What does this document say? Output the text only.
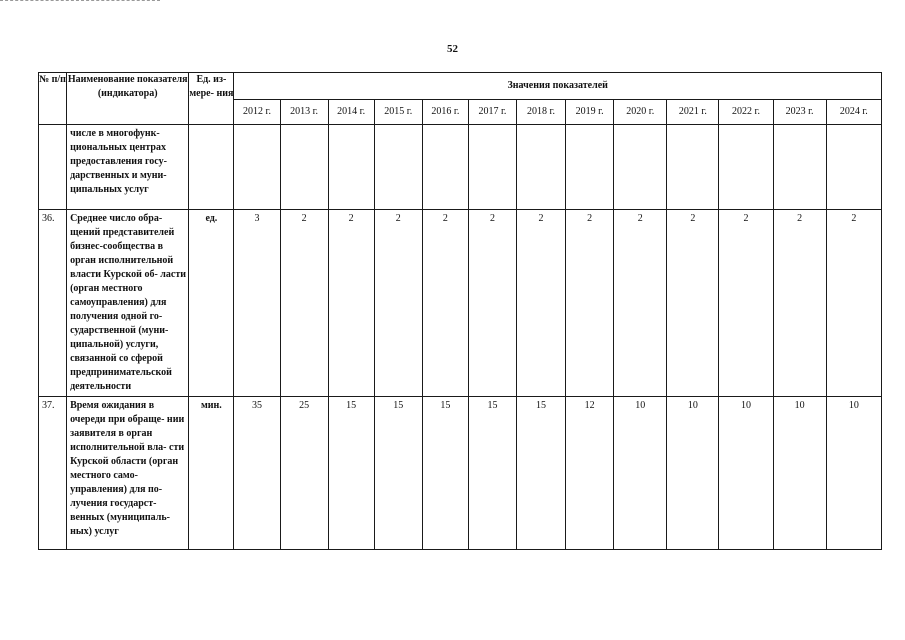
52
№ п/п	Наименование показателя (индикатора)	Ед. из- мере- ния	Значения показателей												
			2012 г.	2013 г.	2014 г.	2015 г.	2016 г.	2017 г.	2018 г.	2019 г.	2020 г.	2021 г.	2022 г.	2023 г.	2024 г.
	числе в многофунк- циональных центрах предоставления госу- дарственных и муни- ципальных услуг														
36.	Среднее число обра- щений представителей бизнес-сообщества в орган исполнительной власти Курской об- ласти (орган местного самоуправления) для получения одной го- сударственной (муни- ципальной) услуги, связанной со сферой предпринимательской деятельности	ед.	3	2	2	2	2	2	2	2	2	2	2	2	2
37.	Время ожидания в очереди при обраще- нии заявителя в орган исполнительной вла- сти Курской области (орган местного само- управления) для по- лучения государст- венных (муниципаль- ных) услуг	мин.	35	25	15	15	15	15	15	12	10	10	10	10	10
